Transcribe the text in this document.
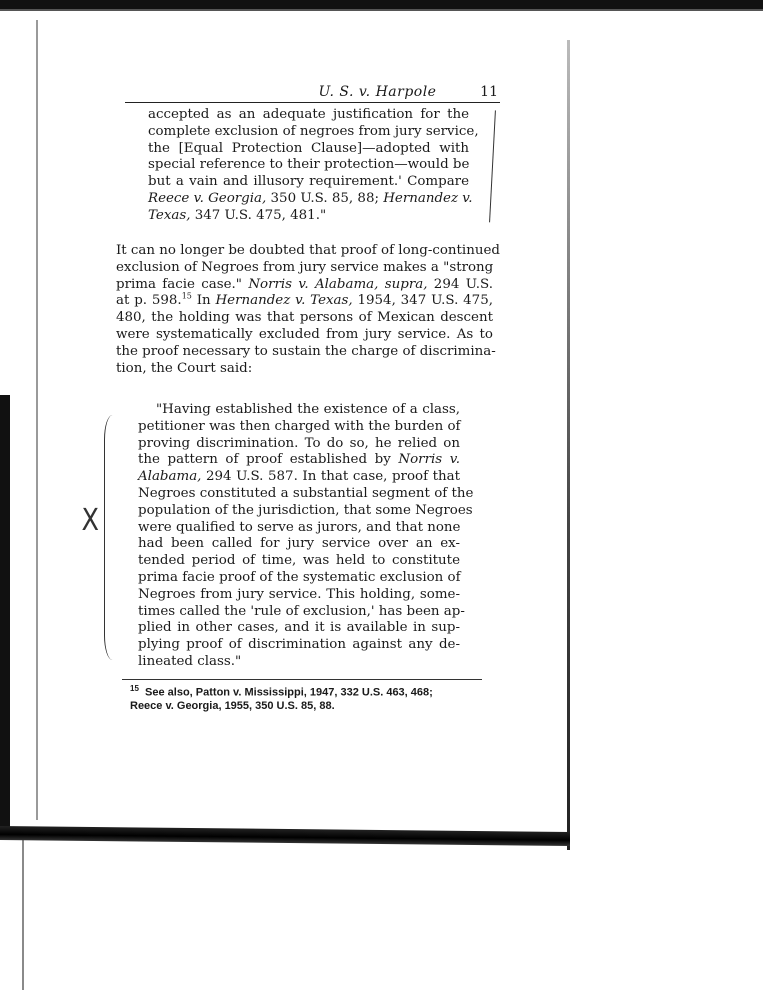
U. S. v. Harpole	11
accepted as an adequate justification for the
complete exclusion of negroes from jury service,
the [Equal Protection Clause]—adopted with
special reference to their protection—would be
but a vain and illusory requirement.' Compare
Reece v. Georgia, 350 U.S. 85, 88; Hernandez v.
Texas, 347 U.S. 475, 481."
It can no longer be doubted that proof of long-continued
exclusion of Negroes from jury service makes a "strong
prima facie case." Norris v. Alabama, supra, 294 U.S.
at p. 598.15 In Hernandez v. Texas, 1954, 347 U.S. 475,
480, the holding was that persons of Mexican descent
were systematically excluded from jury service. As to
the proof necessary to sustain the charge of discrimina-
tion, the Court said:
X
"Having established the existence of a class,
petitioner was then charged with the burden of
proving discrimination. To do so, he relied on
the pattern of proof established by Norris v.
Alabama, 294 U.S. 587. In that case, proof that
Negroes constituted a substantial segment of the
population of the jurisdiction, that some Negroes
were qualified to serve as jurors, and that none
had been called for jury service over an ex-
tended period of time, was held to constitute
prima facie proof of the systematic exclusion of
Negroes from jury service. This holding, some-
times called the 'rule of exclusion,' has been ap-
plied in other cases, and it is available in sup-
plying proof of discrimination against any de-
lineated class."
$^{15}$ See also, Patton v. Mississippi, 1947, 332 U.S. 463, 468;
Reece v. Georgia, 1955, 350 U.S. 85, 88.
